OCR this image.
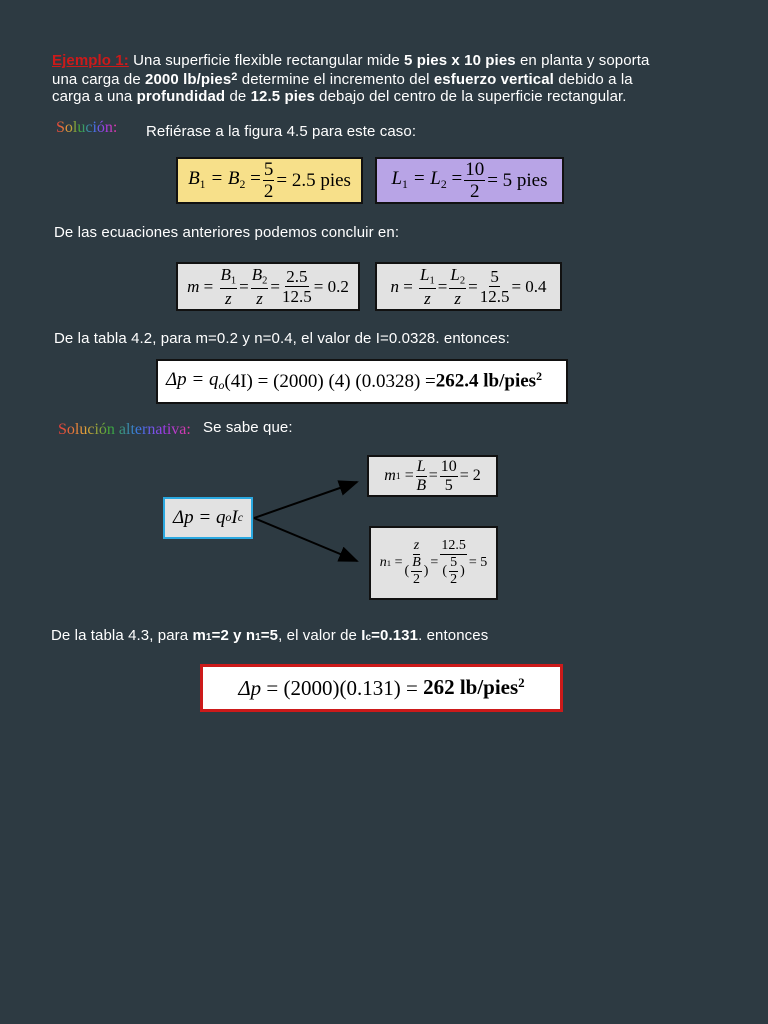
Ejemplo 1: Una superficie flexible rectangular mide 5 pies x 10 pies en planta y soporta
una carga de 2000 lb/pies$^2$ determine el incremento del esfuerzo vertical debido a la
carga a una profundidad de 12.5 pies debajo del centro de la superficie rectangular.
Solución: Refiérase a la figura 4.5 para este caso:
$B_1 = B_2 = \frac{5}{2} = 2.5$ pies $L_1 = L_2 = \frac{10}{2} = 5$ pies
De las ecuaciones anteriores podemos concluir en:
$m = \frac{B_1}{z} = \frac{B_2}{z} = \frac{2.5}{12.5} = 0.2$ $n = \frac{L_1}{z} = \frac{L_2}{z} = \frac{5}{12.5} = 0.4$
De la tabla 4.2, para m=0.2 y n=0.4, el valor de I=0.0328. entonces:
$\Delta p = q_o$ (4I) = (2000) (4) (0.0328) = 262.4 lb/pies$^2$
Solución alternativa: Se sabe que:
Δp = q o I c
m $1 = \frac{L}{B} = \frac{10}{5} = 2$
n $1 = \frac{z}{( \frac{B}{2} )} = \frac{12.5}{( \frac{5}{2} )} = 5$
De la tabla 4.3, para m1=2 y n1=5, el valor de Ic=0.131. entonces
Δp = (2000)(0.131) = 262 lb/pies$^2$
